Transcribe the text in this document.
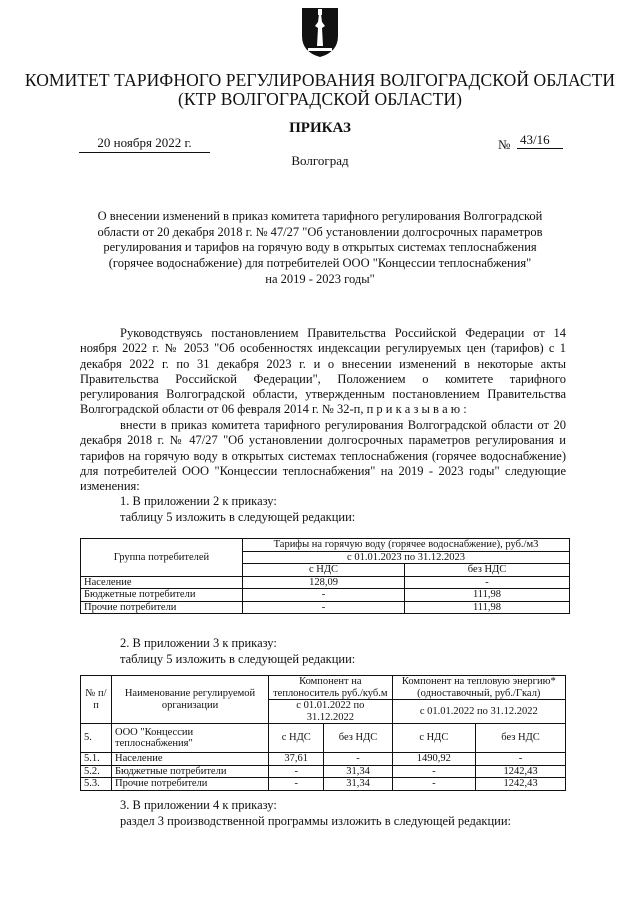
КОМИТЕТ ТАРИФНОГО РЕГУЛИРОВАНИЯ ВОЛГОГРАДСКОЙ ОБЛАСТИ
(КТР ВОЛГОГРАДСКОЙ ОБЛАСТИ)
ПРИКАЗ
20 ноября 2022 г.	№ 43/16
Волгоград
О внесении изменений в приказ комитета тарифного регулирования Волгоградской
области от 20 декабря 2018 г. № 47/27 "Об установлении долгосрочных параметров
регулирования и тарифов на горячую воду в открытых системах теплоснабжения
(горячее водоснабжение) для потребителей ООО "Концессии теплоснабжения"
на 2019 - 2023 годы"
Руководствуясь постановлением Правительства Российской Федерации от 14 ноября 2022 г. № 2053 "Об особенностях индексации регулируемых цен (тарифов) с 1 декабря 2022 г. по 31 декабря 2023 г. и о внесении изменений в некоторые акты Правительства Российской Федерации", Положением о комитете тарифного регулирования Волгоградской области, утвержденным постановлением Правительства Волгоградской области от 06 февраля 2014 г. № 32-п, п р и к а з ы в а ю :
внести в приказ комитета тарифного регулирования Волгоградской области от 20 декабря 2018 г. № 47/27 "Об установлении долгосрочных параметров регулирования и тарифов на горячую воду в открытых системах теплоснабжения (горячее водоснабжение) для потребителей ООО "Концессии теплоснабжения" на 2019 - 2023 годы" следующие изменения:
1. В приложении 2 к приказу:
таблицу 5 изложить в следующей редакции:
Группа потребителей	Тарифы на горячую воду (горячее водоснабжение), руб./м3	
	с 01.01.2023 по 31.12.2023	
	с НДС	без НДС
Население	128,09	-
Бюджетные потребители	-	111,98
Прочие потребители	-	111,98
2. В приложении 3 к приказу:
таблицу 5 изложить в следующей редакции:
№ п/п	Наименование регулируемой организации	Компонент на теплоноситель руб./куб.м		Компонент на тепловую энергию* (одноставочный, руб./Гкал)	
		с 01.01.2022 по 31.12.2022		с 01.01.2022 по 31.12.2022	
5.	ООО "Концессии теплоснабжения"	с НДС	без НДС	с НДС	без НДС
5.1.	Население	37,61	-	1490,92	-
5.2.	Бюджетные потребители	-	31,34	-	1242,43
5.3.	Прочие потребители	-	31,34	-	1242,43
3. В приложении 4 к приказу:
раздел 3 производственной программы изложить в следующей редакции:
